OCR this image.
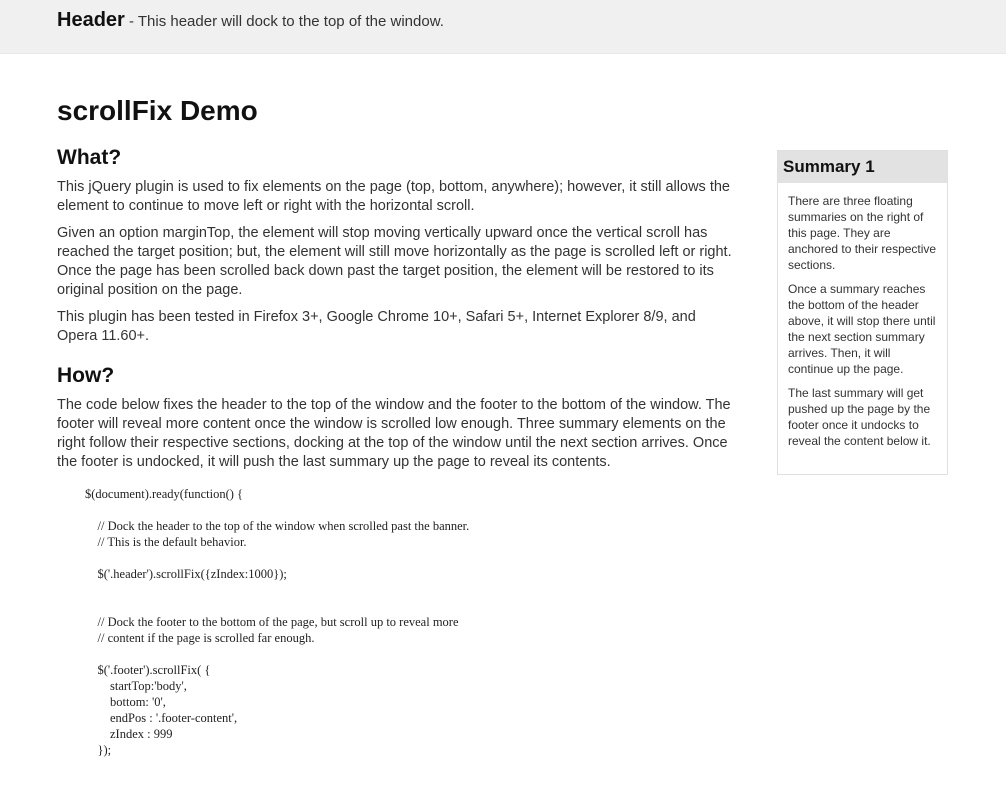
Header - This header will dock to the top of the window.
scrollFix Demo
What?

This jQuery plugin is used to fix elements on the page (top, bottom, anywhere); however, it still allows the element to continue to move left or right with the horizontal scroll.

Given an option marginTop, the element will stop moving vertically upward once the vertical scroll has reached the target position; but, the element will still move horizontally as the page is scrolled left or right. Once the page has been scrolled back down past the target position, the element will be restored to its original position on the page.

This plugin has been tested in Firefox 3+, Google Chrome 10+, Safari 5+, Internet Explorer 8/9, and Opera 11.60+.

How?

The code below fixes the header to the top of the window and the footer to the bottom of the window. The footer will reveal more content once the window is scrolled low enough. Three summary elements on the right follow their respective sections, docking at the top of the window until the next section arrives. Once the footer is undocked, it will push the last summary up the page to reveal its contents.

$(document).ready(function() {

// Dock the header to the top of the window when scrolled past the banner.
// This is the default behavior.

$('.header').scrollFix({zIndex:1000});

// Dock the footer to the bottom of the page, but scroll up to reveal more
// content if the page is scrolled far enough.

$('.footer').scrollFix( {
startTop:'body',
bottom: '0',
endPos : '.footer-content',
zIndex : 999
});
Summary 1

There are three floating summaries on the right of this page. They are anchored to their respective sections.

Once a summary reaches the bottom of the header above, it will stop there until the next section summary arrives. Then, it will continue up the page.

The last summary will get pushed up the page by the footer once it undocks to reveal the content below it.
